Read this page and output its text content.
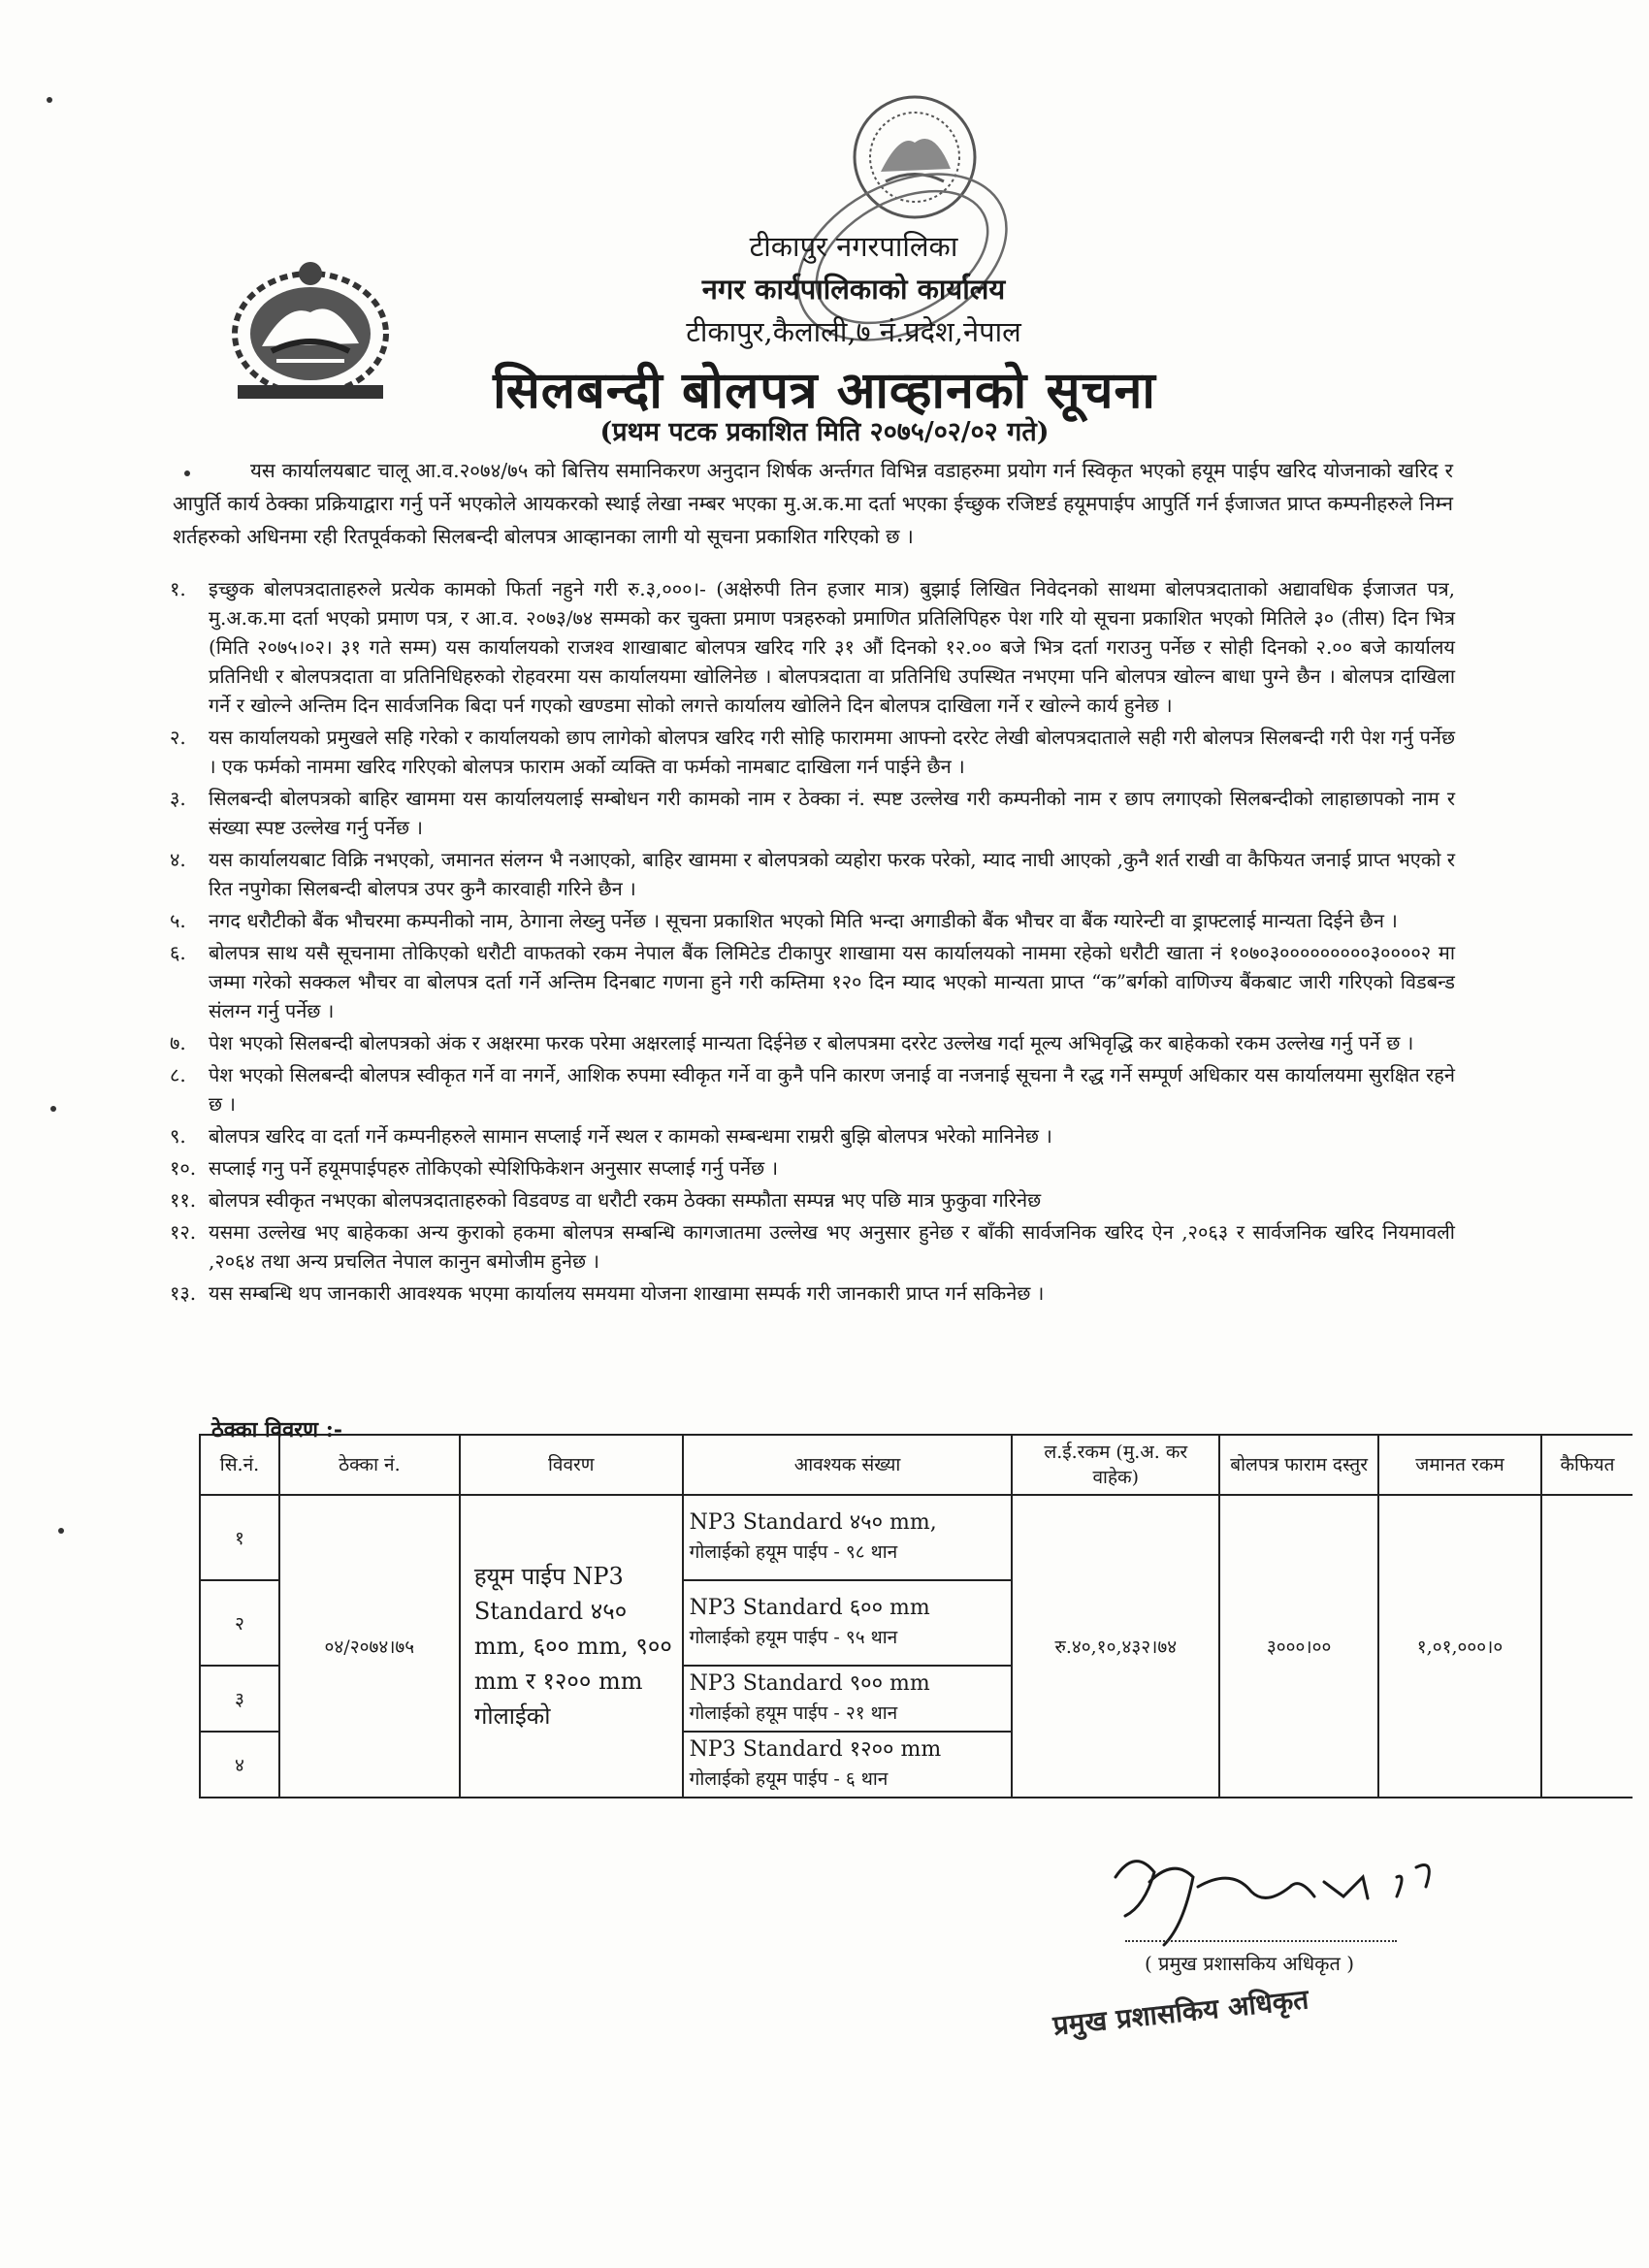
टीकापुर नगरपालिका

नगर कार्यपालिकाको कार्यालय

टीकापुर,कैलाली,७ नं.प्रदेश,नेपाल

सिलबन्दी बोलपत्र आव्हानको सूचना

(प्रथम पटक प्रकाशित मिति २०७५/०२/०२ गते)

यस कार्यालयबाट चालू आ.व.२०७४/७५ को बित्तिय समानिकरण अनुदान शिर्षक अर्न्तगत विभिन्न वडाहरुमा प्रयोग गर्न स्विकृत भएको हयूम पाईप खरिद योजनाको खरिद र आपुर्ति कार्य ठेक्का प्रक्रियाद्वारा गर्नु पर्ने भएकोले आयकरको स्थाई लेखा नम्बर भएका मु.अ.क.मा दर्ता भएका ईच्छुक रजिष्टर्ड हयूमपाईप आपुर्ति गर्न ईजाजत प्राप्त कम्पनीहरुले निम्न शर्तहरुको अधिनमा रही रितपूर्वकको सिलबन्दी बोलपत्र आव्हानका लागी यो सूचना प्रकाशित गरिएको छ ।

१.	इच्छुक बोलपत्रदाताहरुले प्रत्येक कामको फिर्ता नहुने गरी रु.३,०००।- (अक्षेरुपी तिन हजार मात्र) बुझाई लिखित निवेदनको साथमा बोलपत्रदाताको अद्यावधिक ईजाजत पत्र, मु.अ.क.मा दर्ता भएको प्रमाण पत्र, र आ.व. २०७३/७४ सम्मको कर चुक्ता प्रमाण पत्रहरुको प्रमाणित प्रतिलिपिहरु पेश गरि यो सूचना प्रकाशित भएको मितिले ३० (तीस) दिन भित्र (मिति २०७५।०२। ३१ गते सम्म) यस कार्यालयको राजश्व शाखाबाट बोलपत्र खरिद गरि ३१ औं दिनको १२.०० बजे भित्र दर्ता गराउनु पर्नेछ र सोही दिनको २.०० बजे कार्यालय प्रतिनिधी र बोलपत्रदाता वा प्रतिनिधिहरुको रोहवरमा यस कार्यालयमा खोलिनेछ । बोलपत्रदाता वा प्रतिनिधि उपस्थित नभएमा पनि बोलपत्र खोल्न बाधा पुग्ने छैन । बोलपत्र दाखिला गर्ने र खोल्ने अन्तिम दिन सार्वजनिक बिदा पर्न गएको खण्डमा सोको लगत्ते कार्यालय खोलिने दिन बोलपत्र दाखिला गर्ने र खोल्ने कार्य हुनेछ ।
२.	यस कार्यालयको प्रमुखले सहि गरेको र कार्यालयको छाप लागेको बोलपत्र खरिद गरी सोहि फाराममा आफ्नो दररेट लेखी बोलपत्रदाताले सही गरी बोलपत्र सिलबन्दी गरी पेश गर्नु पर्नेछ । एक फर्मको नाममा खरिद गरिएको बोलपत्र फाराम अर्को व्यक्ति वा फर्मको नामबाट दाखिला गर्न पाईने छैन ।
३.	सिलबन्दी बोलपत्रको बाहिर खाममा यस कार्यालयलाई सम्बोधन गरी कामको नाम र ठेक्का नं. स्पष्ट उल्लेख गरी कम्पनीको नाम र छाप लगाएको सिलबन्दीको लाहाछापको नाम र संख्या स्पष्ट उल्लेख गर्नु पर्नेछ ।
४.	यस कार्यालयबाट विक्रि नभएको, जमानत संलग्न भै नआएको, बाहिर खाममा र बोलपत्रको व्यहोरा फरक परेको, म्याद नाघी आएको ,कुनै शर्त राखी वा कैफियत जनाई प्राप्त भएको र रित नपुगेका सिलबन्दी बोलपत्र उपर कुनै कारवाही गरिने छैन ।
५.	नगद धरौटीको बैंक भौचरमा कम्पनीको नाम, ठेगाना लेख्नु पर्नेछ । सूचना प्रकाशित भएको मिति भन्दा अगाडीको बैंक भौचर वा बैंक ग्यारेन्टी वा ड्राफ्टलाई मान्यता दिईने छैन ।
६.	बोलपत्र साथ यसै सूचनामा तोकिएको धरौटी वाफतको रकम नेपाल बैंक लिमिटेड टीकापुर शाखामा यस कार्यालयको नाममा रहेको धरौटी खाता नं १०७०३०००००००००३००००२ मा जम्मा गरेको सक्कल भौचर वा बोलपत्र दर्ता गर्ने अन्तिम दिनबाट गणना हुने गरी कम्तिमा १२० दिन म्याद भएको मान्यता प्राप्त “क”बर्गको वाणिज्य बैंकबाट जारी गरिएको विडबन्ड संलग्न गर्नु पर्नेछ ।
७.	पेश भएको सिलबन्दी बोलपत्रको अंक र अक्षरमा फरक परेमा अक्षरलाई मान्यता दिईनेछ र बोलपत्रमा दररेट उल्लेख गर्दा मूल्य अभिवृद्धि कर बाहेकको रकम उल्लेख गर्नु पर्ने छ ।
८.	पेश भएको सिलबन्दी बोलपत्र स्वीकृत गर्ने वा नगर्ने, आशिक रुपमा स्वीकृत गर्ने वा कुनै पनि कारण जनाई वा नजनाई सूचना नै रद्ध गर्ने सम्पूर्ण अधिकार यस कार्यालयमा सुरक्षित रहने छ ।
९.	बोलपत्र खरिद वा दर्ता गर्ने कम्पनीहरुले सामान सप्लाई गर्ने स्थल र कामको सम्बन्धमा राम्ररी बुझि बोलपत्र भरेको मानिनेछ ।
१०. सप्लाई गनु पर्ने हयूमपाईपहरु तोकिएको स्पेशिफिकेशन अनुसार सप्लाई गर्नु पर्नेछ ।
११. बोलपत्र स्वीकृत नभएका बोलपत्रदाताहरुको विडवण्ड वा धरौटी रकम ठेक्का सम्फौता सम्पन्न भए पछि मात्र फुकुवा गरिनेछ
१२. यसमा उल्लेख भए बाहेकका अन्य कुराको हकमा बोलपत्र सम्बन्धि कागजातमा उल्लेख भए अनुसार हुनेछ र बाँकी सार्वजनिक खरिद ऐन ,२०६३ र सार्वजनिक खरिद नियमावली ,२०६४ तथा अन्य प्रचलित नेपाल कानुन बमोजीम हुनेछ ।
१३. यस सम्बन्धि थप जानकारी आवश्यक भएमा कार्यालय समयमा योजना शाखामा सम्पर्क गरी जानकारी प्राप्त गर्न सकिनेछ ।

ठेक्का विवरण :-

सि.नं.	ठेक्का नं.	विवरण	आवश्यक संख्या	ल.ई.रकम (मु.अ. कर वाहेक)	बोलपत्र फाराम दस्तुर	जमानत रकम	कैफियत
१	०४/२०७४।७५	हयूम पाईप NP3 Standard ४५० mm, ६०० mm, ९०० mm र १२०० mm गोलाईको	NP3 Standard ४५० mm,
गोलाईको हयूम पाईप - ९८ थान	रु.४०,१०,४३२।७४	३०००।००	१,०१,०००।०	
२			NP3 Standard ६०० mm
गोलाईको हयूम पाईप - ९५ थान				

३			NP3 Standard ९०० mm
गोलाईको हयूम पाईप - २१ थान				

४			NP3 Standard १२०० mm
गोलाईको हयूम पाईप - ६ थान				

( प्रमुख प्रशासकिय अधिकृत )

प्रमुख प्रशासकिय अधिकृत
